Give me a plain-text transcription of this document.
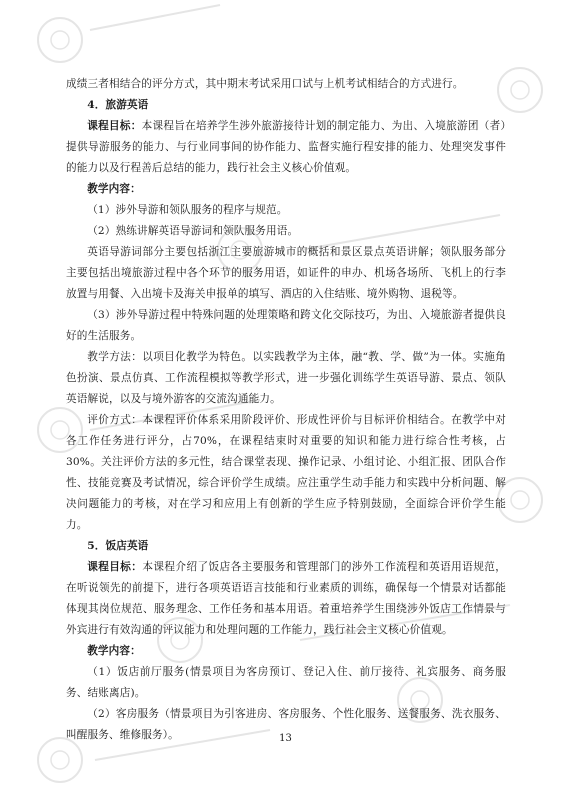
成绩三者相结合的评分方式，其中期末考试采用口试与上机考试相结合的方式进行。

4．旅游英语

课程目标：本课程旨在培养学生涉外旅游接待计划的制定能力、为出、入境旅游团（者）提供导游服务的能力、与行业同事间的协作能力、监督实施行程安排的能力、处理突发事件的能力以及行程善后总结的能力，践行社会主义核心价值观。

教学内容：

（1）涉外导游和领队服务的程序与规范。

（2）熟练讲解英语导游词和领队服务用语。

英语导游词部分主要包括浙江主要旅游城市的概括和景区景点英语讲解；领队服务部分主要包括出境旅游过程中各个环节的服务用语，如证件的申办、机场各场所、飞机上的行李放置与用餐、入出境卡及海关申报单的填写、酒店的入住结账、境外购物、退税等。

（3）涉外导游过程中特殊问题的处理策略和跨文化交际技巧，为出、入境旅游者提供良好的生活服务。

教学方法：以项目化教学为特色。以实践教学为主体，融“教、学、做”为一体。实施角色扮演、景点仿真、工作流程模拟等教学形式，进一步强化训练学生英语导游、景点、领队英语解说，以及与境外游客的交流沟通能力。

评价方式：本课程评价体系采用阶段评价、形成性评价与目标评价相结合。在教学中对各工作任务进行评分，占70%，在课程结束时对重要的知识和能力进行综合性考核，占30%。关注评价方法的多元性，结合课堂表现、操作记录、小组讨论、小组汇报、团队合作性、技能竞赛及考试情况，综合评价学生成绩。应注重学生动手能力和实践中分析问题、解决问题能力的考核，对在学习和应用上有创新的学生应予特别鼓励，全面综合评价学生能力。

5．饭店英语

课程目标：本课程介绍了饭店各主要服务和管理部门的涉外工作流程和英语用语规范，在听说领先的前提下，进行各项英语语言技能和行业素质的训练，确保每一个情景对话都能体现其岗位规范、服务理念、工作任务和基本用语。着重培养学生围绕涉外饭店工作情景与外宾进行有效沟通的评议能力和处理问题的工作能力，践行社会主义核心价值观。

教学内容：

（1）饭店前厅服务(情景项目为客房预订、登记入住、前厅接待、礼宾服务、商务服务、结账离店)。

（2）客房服务（情景项目为引客进房、客房服务、个性化服务、送餐服务、洗衣服务、叫醒服务、维修服务）。	13
